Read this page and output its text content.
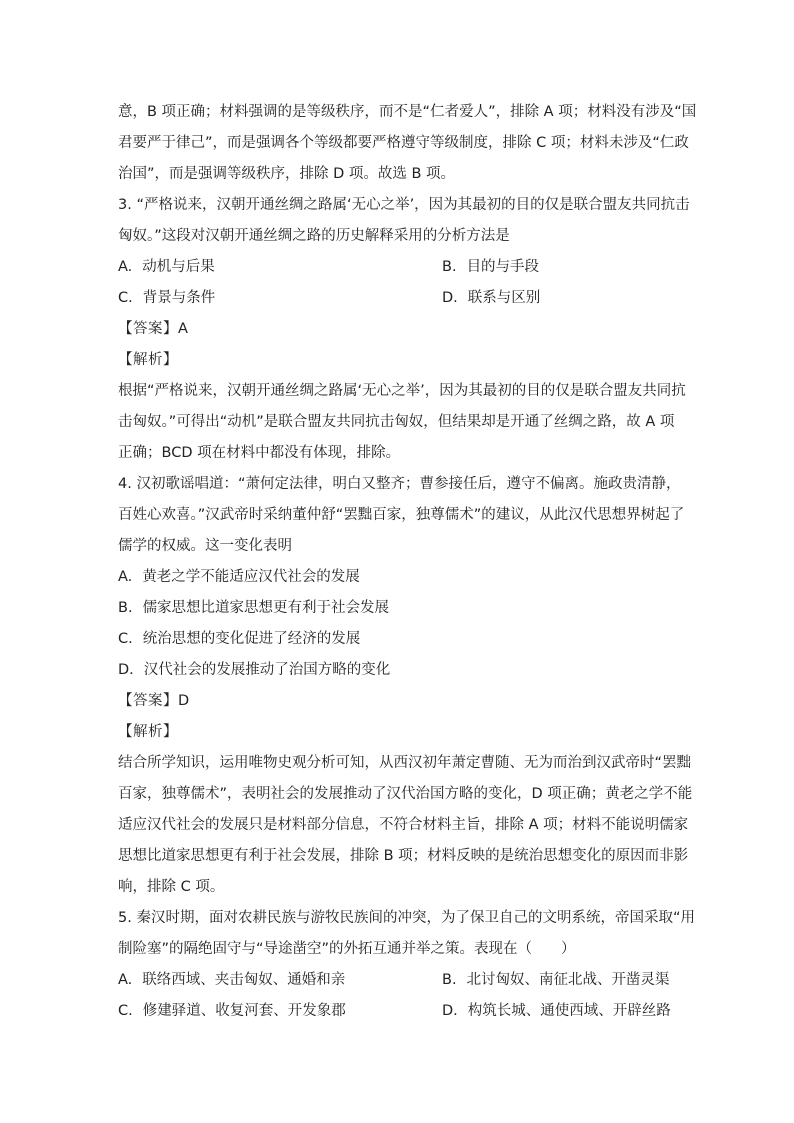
意，B 项正确；材料强调的是等级秩序，而不是“仁者爱人”，排除 A 项；材料没有涉及“国
君要严于律己”，而是强调各个等级都要严格遵守等级制度，排除 C 项；材料未涉及“仁政
治国”，而是强调等级秩序，排除 D 项。故选 B 项。
3. “严格说来，汉朝开通丝绸之路属‘无心之举’，因为其最初的目的仅是联合盟友共同抗击
匈奴。”这段对汉朝开通丝绸之路的历史解释采用的分析方法是
A. 动机与后果	B. 目的与手段
C. 背景与条件	D. 联系与区别
【答案】A
【解析】
根据“严格说来，汉朝开通丝绸之路属‘无心之举’，因为其最初的目的仅是联合盟友共同抗
击匈奴。”可得出“动机”是联合盟友共同抗击匈奴，但结果却是开通了丝绸之路，故 A 项
正确；BCD 项在材料中都没有体现，排除。
4. 汉初歌谣唱道：“萧何定法律，明白又整齐；曹参接任后，遵守不偏离。施政贵清静，
百姓心欢喜。”汉武帝时采纳董仲舒“罢黜百家，独尊儒术”的建议，从此汉代思想界树起了
儒学的权威。这一变化表明
A. 黄老之学不能适应汉代社会的发展
B. 儒家思想比道家思想更有利于社会发展
C. 统治思想的变化促进了经济的发展
D. 汉代社会的发展推动了治国方略的变化
【答案】D
【解析】
结合所学知识，运用唯物史观分析可知，从西汉初年萧定曹随、无为而治到汉武帝时“罢黜
百家，独尊儒术”，表明社会的发展推动了汉代治国方略的变化，D 项正确；黄老之学不能
适应汉代社会的发展只是材料部分信息，不符合材料主旨，排除 A 项；材料不能说明儒家
思想比道家思想更有利于社会发展，排除 B 项；材料反映的是统治思想变化的原因而非影
响，排除 C 项。
5. 秦汉时期，面对农耕民族与游牧民族间的冲突，为了保卫自己的文明系统，帝国采取“用
制险塞”的隔绝固守与“导途凿空”的外拓互通并举之策。表现在（　　）
A. 联络西域、夹击匈奴、通婚和亲	B. 北讨匈奴、南征北战、开凿灵渠
C. 修建驿道、收复河套、开发象郡	D. 构筑长城、通使西域、开辟丝路
